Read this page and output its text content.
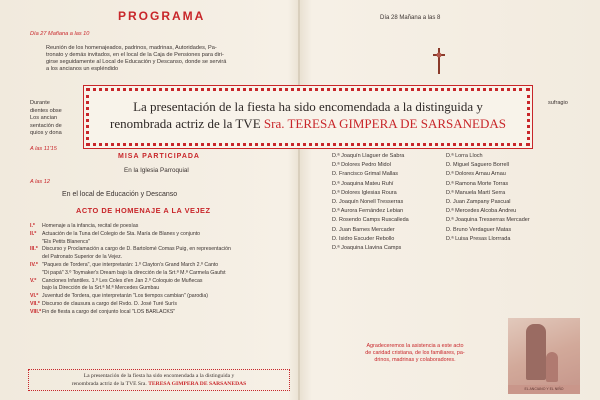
PROGRAMA
Día 27 Mañana a las 10
Reunión de los homenajeados, padrinos, madrinas, Autoridades, Pa-
tronato y demás invitados, en el local de la Caja de Pensiones para diri-
girse seguidamente al Local de Educación y Descanso, donde se servirá
a los ancianos un espléndido
Durante
dientes obse
Los ancian
sentación de
quios y dona
A las 11'15
MISA PARTICIPADA
En la Iglesia Parroquial
A las 12
En el local de Educación y Descanso
ACTO DE HOMENAJE A LA VEJEZ
I.º Homenaje a la infancia, recital de poesías
II.º Actuación de la Tuna del Colegio de Sta. María de Blanes y conjunto
"Els Petits Blanencs"
III.º Discurso y Proclamación a cargo de D. Bartolomé Comas Puig, en representación
del Patronato Superior de la Vejez.
IV.º "Paques de Tordera", que interpretarán: 1.º Clayton's Grand March 2.º Canto
"Di papá" 3.º Toymaker's Dream bajo la dirección de la Srt.ª M.ª Carmela Gaufst
V.º Canciones Infantiles. 1.º Les Coles d'en Jan 2.º Coloquio de Muñecas
bajo la Dirección de la Srt.ª M.ª Mercedes Gumbau
VI.º Juventud de Tordera, que interpretarán "Los tiempos cambian" (parodia)
VII.º Discurso de clausura a cargo del Rvdo. D. José Turé Surís
VIII.ºFin de fiesta a cargo del conjunto local "LOS BARLACKS"
La presentación de la fiesta ha sido encomendada a la distinguida y
renombrada actriz de la TVE Sra. TERESA GIMPERA DE SARSANEDAS
Día 28 Mañana a las 8
sufragio
D.ª Joaquín Llaguer de Sabra
D.ª Dolores Pedro Midol
D. Francisco Grimal Mallas
D.ª Joaquina Mateu Ruhí
D.ª Dolores Iglesias Roura
D. Joaquín Nonell Tresserras
D.ª Aurora Fernández Lebian
D. Rosendo Camps Ruscalleda
D. Juan Barnes Mercader
D. Isidro Escuder Rebollo
D.ª Joaquina Llavina Camps
D.ª Lorra Lloch
D. Miguel Saguero Borrell
D.ª Dolores Arnau Arnau
D.ª Ramona Morte Torras
D.ª Manuela Martí Serra
D. Juan Zampany Pascual
D.ª Mercedes Alcoba Andreu
D.ª Joaquina Tresserras Mercader
D. Bruno Verdaguer Matas
D.ª Luisa Presas Llorrrada
Agradeceremos la asistencia a este acto
de caridad cristiana, de los familiares, pa-
drinos, madrinas y colaboradores.
EL ANCIANO Y EL NIÑO
La presentación de la fiesta ha sido encomendada a la distinguida y
renombrada actriz de la TVE Sra. TERESA GIMPERA DE SARSANEDAS
